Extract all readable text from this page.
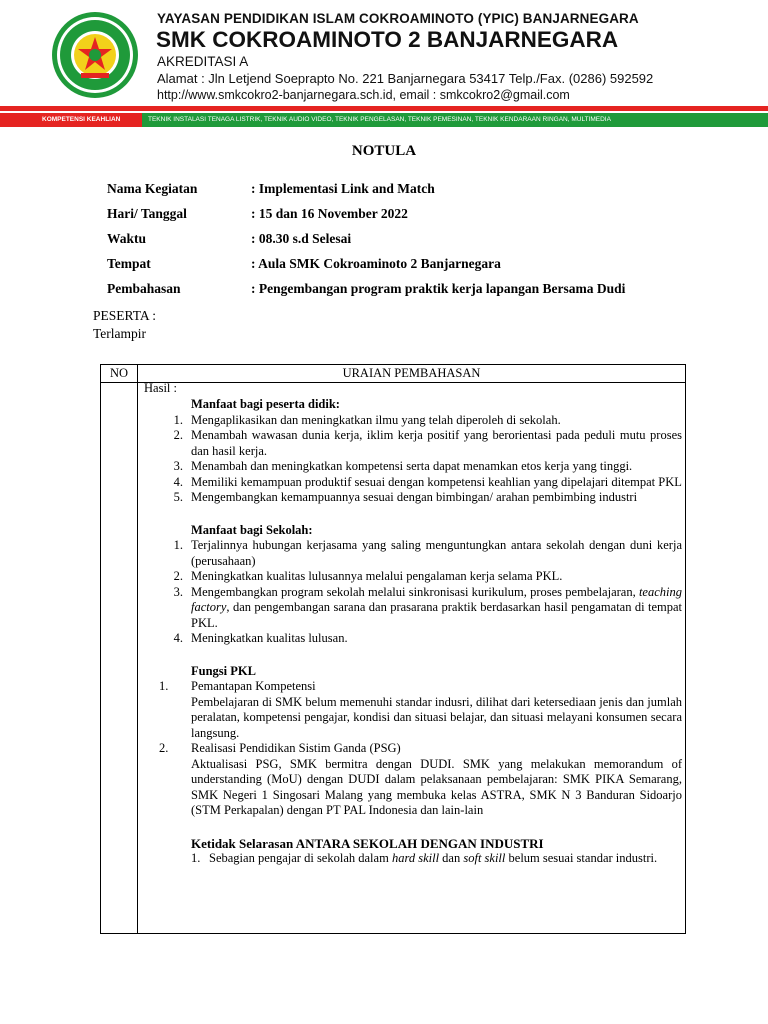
YAYASAN PENDIDIKAN ISLAM COKROAMINOTO (YPIC) BANJARNEGARA
SMK COKROAMINOTO 2 BANJARNEGARA
AKREDITASI A
Alamat : Jln Letjend Soeprapto No. 221 Banjarnegara 53417 Telp./Fax. (0286) 592592
http://www.smkcokro2-banjarnegara.sch.id, email : smkcokro2@gmail.com
KOMPETENSI KEAHLIAN	TEKNIK INSTALASI TENAGA LISTRIK, TEKNIK AUDIO VIDEO, TEKNIK PENGELASAN, TEKNIK PEMESINAN, TEKNIK KENDARAAN RINGAN, MULTIMEDIA
NOTULA
Nama Kegiatan	: Implementasi Link and Match
Hari/ Tanggal	: 15 dan 16 November 2022
Waktu	: 08.30 s.d Selesai
Tempat	: Aula SMK Cokroaminoto 2 Banjarnegara
Pembahasan	: Pengembangan program praktik kerja lapangan Bersama Dudi
PESERTA :
Terlampir
NO	URAIAN PEMBAHASAN
Hasil :
Manfaat bagi peserta didik:
1. Mengaplikasikan dan meningkatkan ilmu yang telah diperoleh di sekolah.
2. Menambah wawasan dunia kerja, iklim kerja positif yang berorientasi pada peduli mutu proses dan hasil kerja.
3. Menambah dan meningkatkan kompetensi serta dapat menamkan etos kerja yang tinggi.
4. Memiliki kemampuan produktif sesuai dengan kompetensi keahlian yang dipelajari ditempat PKL
5. Mengembangkan kemampuannya sesuai dengan bimbingan/ arahan pembimbing industri
Manfaat bagi Sekolah:
1. Terjalinnya hubungan kerjasama yang saling menguntungkan antara sekolah dengan duni kerja (perusahaan)
2. Meningkatkan kualitas lulusannya melalui pengalaman kerja selama PKL.
3. Mengembangkan program sekolah melalui sinkronisasi kurikulum, proses pembelajaran, teaching factory, dan pengembangan sarana dan prasarana praktik berdasarkan hasil pengamatan di tempat PKL.
4. Meningkatkan kualitas lulusan.
Fungsi PKL
1. Pemantapan Kompetensi
Pembelajaran di SMK belum memenuhi standar indusri, dilihat dari ketersediaan jenis dan jumlah peralatan, kompetensi pengajar, kondisi dan situasi belajar, dan situasi melayani konsumen secara langsung.
2. Realisasi Pendidikan Sistim Ganda (PSG)
Aktualisasi PSG, SMK bermitra dengan DUDI. SMK yang melakukan memorandum of understanding (MoU) dengan DUDI dalam pelaksanaan pembelajaran: SMK PIKA Semarang, SMK Negeri 1 Singosari Malang yang membuka kelas ASTRA, SMK N 3 Banduran Sidoarjo (STM Perkapalan) dengan PT PAL Indonesia dan lain-lain
Ketidak Selarasan ANTARA SEKOLAH DENGAN INDUSTRI
1. Sebagian pengajar di sekolah dalam hard skill dan soft skill belum sesuai standar industri.
